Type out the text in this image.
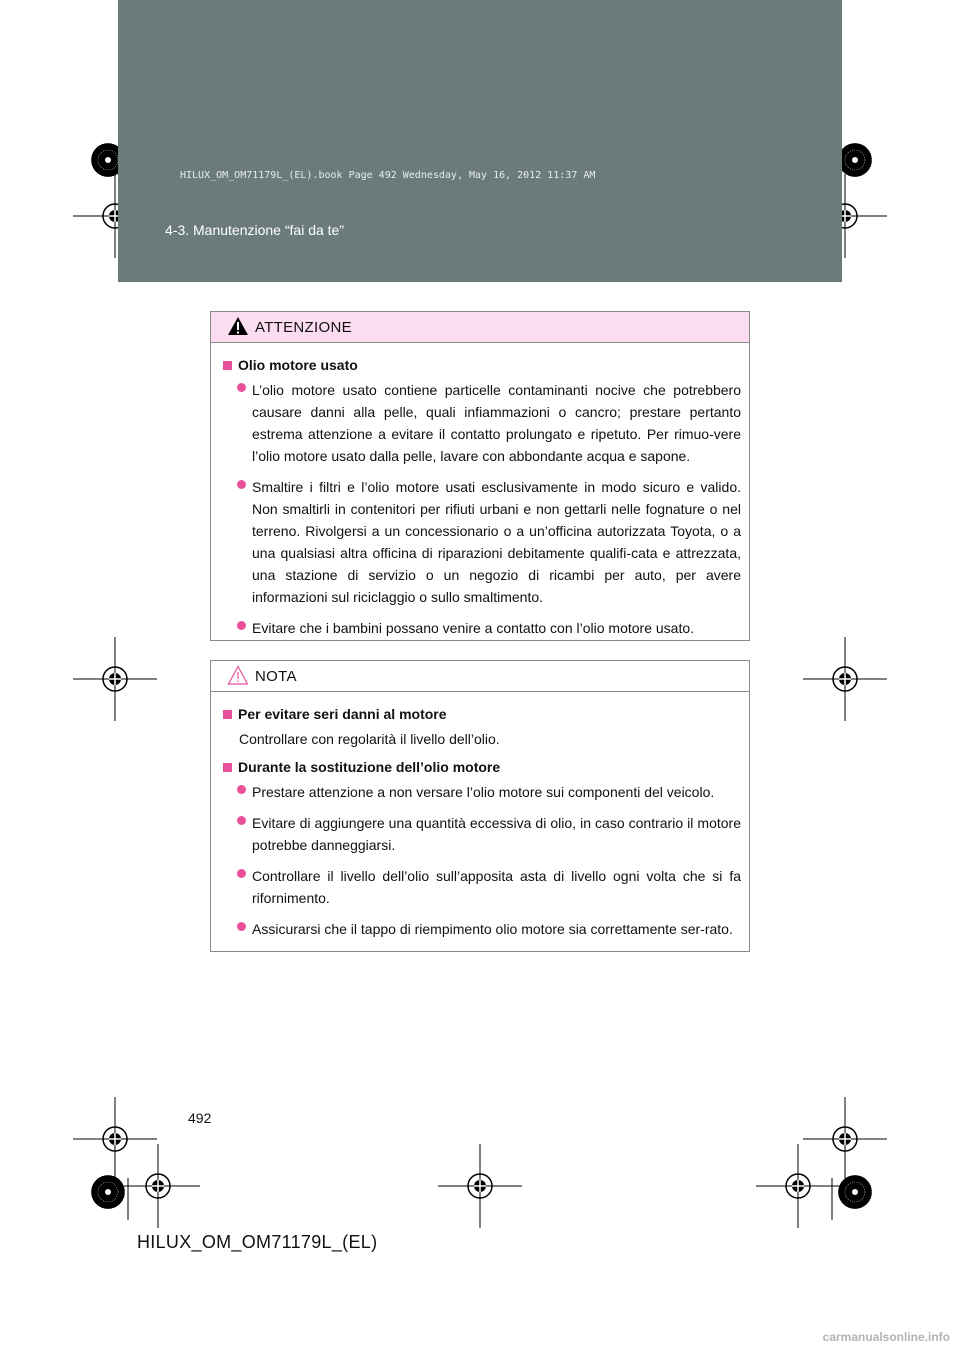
HILUX_OM_OM71179L_(EL).book Page 492 Wednesday, May 16, 2012 11:37 AM
4-3. Manutenzione “fai da te”
ATTENZIONE
Olio motore usato
L’olio motore usato contiene particelle contaminanti nocive che potrebbero causare danni alla pelle, quali infiammazioni o cancro; prestare pertanto estrema attenzione a evitare il contatto prolungato e ripetuto. Per rimuo-vere l’olio motore usato dalla pelle, lavare con abbondante acqua e sapone.
Smaltire i filtri e l’olio motore usati esclusivamente in modo sicuro e valido. Non smaltirli in contenitori per rifiuti urbani e non gettarli nelle fognature o nel terreno. Rivolgersi a un concessionario o a un’officina autorizzata Toyota, o a una qualsiasi altra officina di riparazioni debitamente qualifi-cata e attrezzata, una stazione di servizio o un negozio di ricambi per auto, per avere informazioni sul riciclaggio o sullo smaltimento.
Evitare che i bambini possano venire a contatto con l’olio motore usato.
NOTA
Per evitare seri danni al motore
Controllare con regolarità il livello dell’olio.
Durante la sostituzione dell’olio motore
Prestare attenzione a non versare l’olio motore sui componenti del veicolo.
Evitare di aggiungere una quantità eccessiva di olio, in caso contrario il motore potrebbe danneggiarsi.
Controllare il livello dell’olio sull’apposita asta di livello ogni volta che si fa rifornimento.
Assicurarsi che il tappo di riempimento olio motore sia correttamente ser-rato.
492
HILUX_OM_OM71179L_(EL)
carmanualsonline.info
